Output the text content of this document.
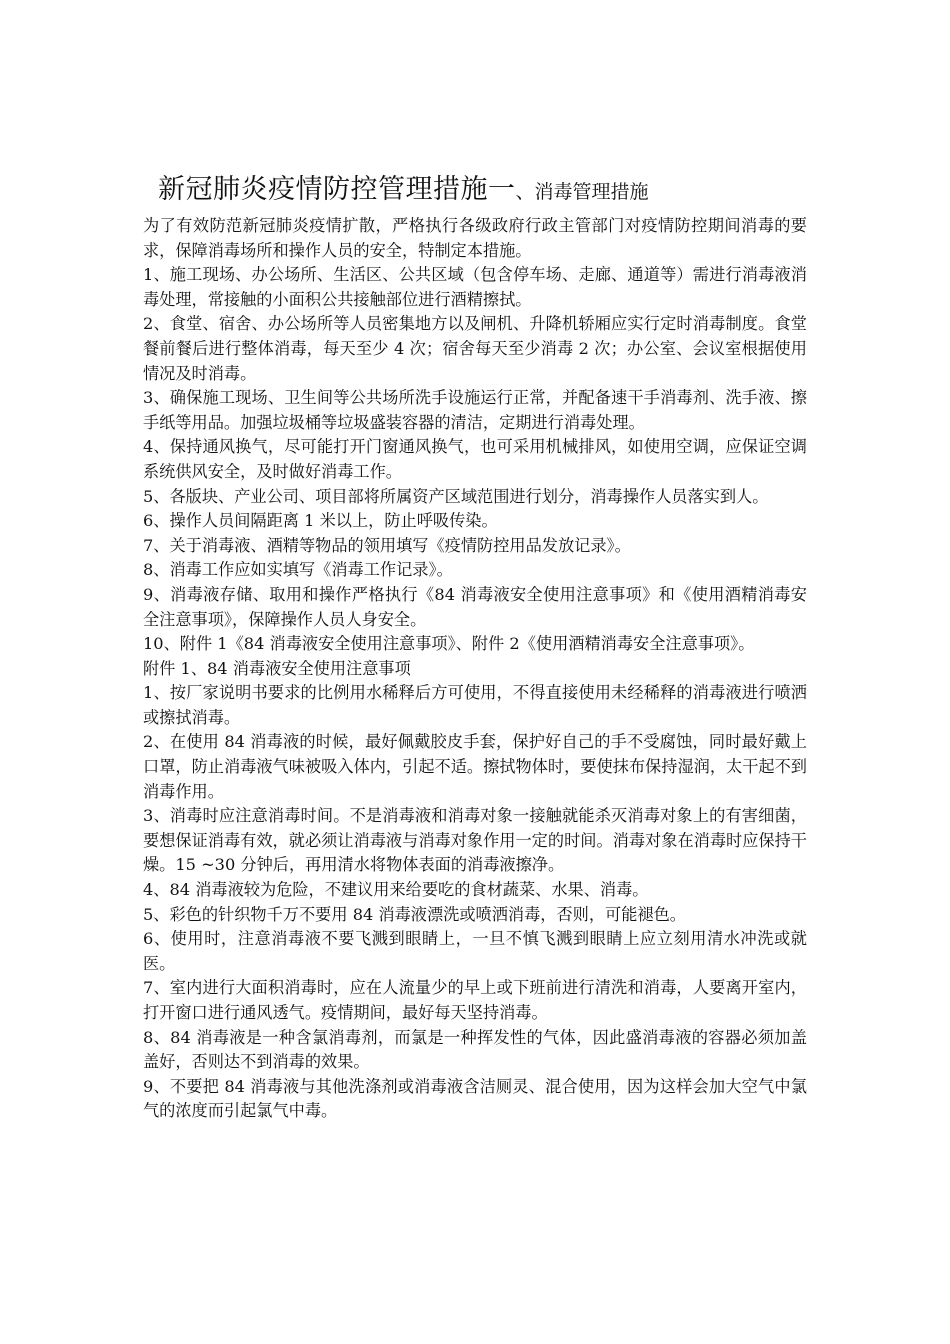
新冠肺炎疫情防控管理措施一、消毒管理措施

为了有效防范新冠肺炎疫情扩散，严格执行各级政府行政主管部门对疫情防控期间消毒的要求，保障消毒场所和操作人员的安全，特制定本措施。

1、施工现场、办公场所、生活区、公共区域（包含停车场、走廊、通道等）需进行消毒液消毒处理，常接触的小面积公共接触部位进行酒精擦拭。

2、食堂、宿舍、办公场所等人员密集地方以及闸机、升降机轿厢应实行定时消毒制度。食堂餐前餐后进行整体消毒，每天至少 4 次；宿舍每天至少消毒 2 次；办公室、会议室根据使用情况及时消毒。

3、确保施工现场、卫生间等公共场所洗手设施运行正常，并配备速干手消毒剂、洗手液、擦手纸等用品。加强垃圾桶等垃圾盛装容器的清洁，定期进行消毒处理。

4、保持通风换气，尽可能打开门窗通风换气，也可采用机械排风，如使用空调，应保证空调系统供风安全，及时做好消毒工作。

5、各版块、产业公司、项目部将所属资产区域范围进行划分，消毒操作人员落实到人。

6、操作人员间隔距离 1 米以上，防止呼吸传染。

7、关于消毒液、酒精等物品的领用填写《疫情防控用品发放记录》。

8、消毒工作应如实填写《消毒工作记录》。

9、消毒液存储、取用和操作严格执行《84 消毒液安全使用注意事项》和《使用酒精消毒安全注意事项》，保障操作人员人身安全。

10、附件 1《84 消毒液安全使用注意事项》、附件 2《使用酒精消毒安全注意事项》。

附件 1、84 消毒液安全使用注意事项

1、按厂家说明书要求的比例用水稀释后方可使用，不得直接使用未经稀释的消毒液进行喷洒或擦拭消毒。

2、在使用 84 消毒液的时候，最好佩戴胶皮手套，保护好自己的手不受腐蚀，同时最好戴上口罩，防止消毒液气味被吸入体内，引起不适。擦拭物体时，要使抹布保持湿润，太干起不到消毒作用。

3、消毒时应注意消毒时间。不是消毒液和消毒对象一接触就能杀灭消毒对象上的有害细菌，要想保证消毒有效，就必须让消毒液与消毒对象作用一定的时间。消毒对象在消毒时应保持干燥。15 ~30 分钟后，再用清水将物体表面的消毒液擦净。

4、84 消毒液较为危险，不建议用来给要吃的食材蔬菜、水果、消毒。

5、彩色的针织物千万不要用 84 消毒液漂洗或喷洒消毒，否则，可能褪色。

6、使用时，注意消毒液不要飞溅到眼睛上，一旦不慎飞溅到眼睛上应立刻用清水冲洗或就医。

7、室内进行大面积消毒时，应在人流量少的早上或下班前进行清洗和消毒，人要离开室内，打开窗口进行通风透气。疫情期间，最好每天坚持消毒。

8、84 消毒液是一种含氯消毒剂，而氯是一种挥发性的气体，因此盛消毒液的容器必须加盖盖好，否则达不到消毒的效果。

9、不要把 84 消毒液与其他洗涤剂或消毒液含洁厕灵、混合使用，因为这样会加大空气中氯气的浓度而引起氯气中毒。
